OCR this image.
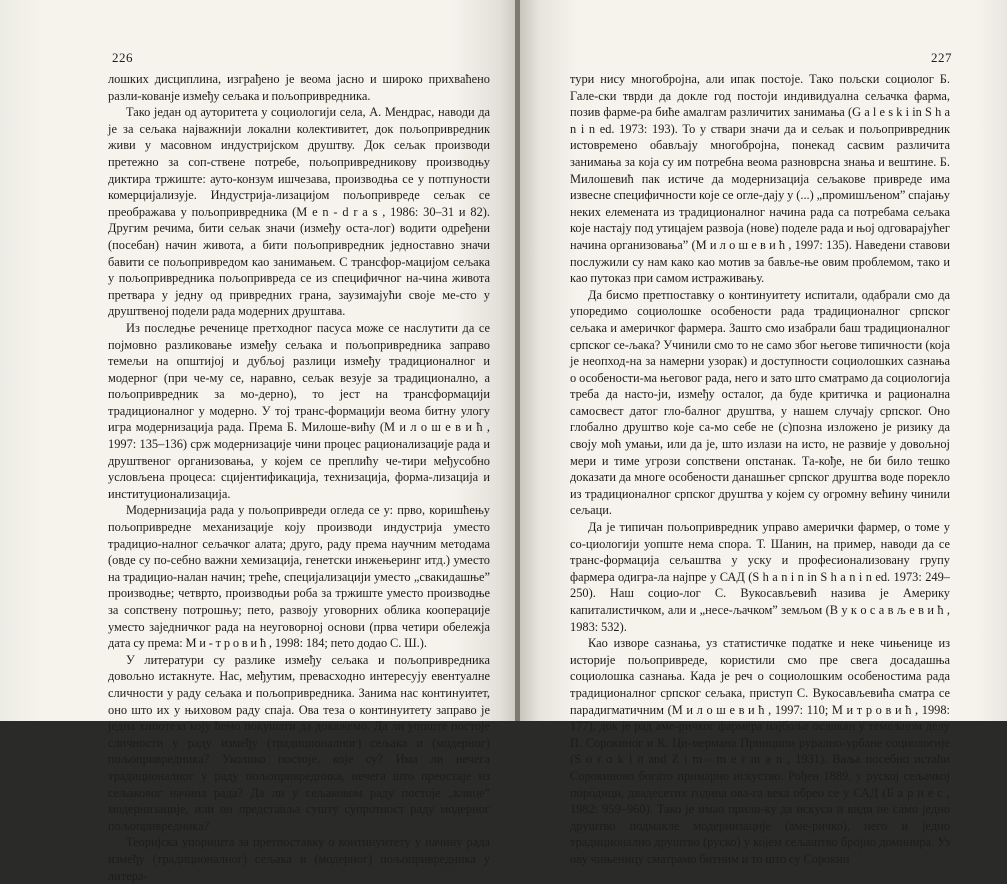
226

лошких дисциплина, изграђено је веома јасно и широко прихваћено разли-кованје између сељака и пољопривредника.

Тако један од ауторитета у социологији села, А. Мендрас, наводи да је за сељака најважнији локални колективитет, док пољопривредник живи у масовном индустријском друштву. Док сељак производи претежно за соп-ствене потребе, пољопривредникову производњу диктира тржиште: ауто-конзум ишчезава, производња се у потпуности комерцијализује. Индустрија-лизацијом пољопривреде сељак се преображава у пољопривредника (М е n - d r a s , 1986: 30–31 и 82). Другим речима, бити сељак значи (између оста-лог) водити одређени (посебан) начин живота, а бити пољопривредник једноставно значи бавити се пољопривредом као занимањем. С трансфор-мацијом сељака у пољопривредника пољопривреда се из специфичног на-чина живота претвара у једну од привредних грана, заузимајући своје ме-сто у друштвеној подели рада модерних друштава.

Из последње реченице претходног пасуса може се наслутити да се појмовно разликовање између сељака и пољопривредника заправо темељи на општијој и дубљој разлици између традиционалног и модерног (при че-му се, наравно, сељак везује за традиционално, а пољопривредник за мо-дерно), то јест на трансформацији традиционалног у модерно. У тој транс-формацији веома битну улогу игра модернизација рада. Према Б. Милоше-вићу (М и л о ш е в и ћ , 1997: 135–136) срж модернизације чини процес рационализације рада и друштвеног организовања, у којем се преплићу че-тири међусобно условљена процеса: сцијентификација, технизација, формa-лизација и институционализација.

Модернизација рада у пољопривреди огледа се у: прво, коришћењу пољопривредне механизације коју производи индустрија уместо традицио-налног сељачког алата; друго, раду према научним методама (овде су по-себно важни хемизација, генетски инжењеринг итд.) уместо на традицио-налан начин; треће, специјализацији уместо „свакидашње” производње; четврто, производњи роба за тржиште уместо производње за сопствену потрошњу; пето, развоју уговорних облика кооперације уместо заједничког рада на неуговорној основи (прва четири обележја дата су према: М и - т р о в и ћ , 1998: 184; пето додао С. Ш.).

У литератури су разлике између сељака и пољопривредника довољно истакнуте. Нас, међутим, превасходно интересују евентуалне сличности у раду сељака и пољопривредника. Занима нас континуитет, оно што их у њиховом раду спаја. Ова теза о континуитету заправо је једна хипотеза коју ћемо покушати да докажемо. Да ли уопште постоје сличности у раду између (традиционалног) сељака и (модерног) пољопривредника? Уколико постоје, које су? Има ли нечега традиционалног у раду пољопривредника, нечега што преостаје из сељаковог начина рада? Да ли у сељаковом раду постоје „клице” модернизације, или он представља сушту супротност раду модерног пољопривредника?

Теоријска упоришта за претпоставку о континуитету у начину рада између (традиционалног) сељака и (модерног) пољопривредника у литера-

227

тури нису многобројна, али ипак постоје. Тако пољски социолог Б. Гале-ски тврди да докле год постоји индивидуална сељачка фарма, позив фарме-ра биће амалгам различитих занимања (G a l e s k i in S h a n i n ed. 1973: 193). То у ствари значи да и сељак и пољопривредник истовремено обављају многобројна, понекад сасвим различита занимања за која су им потребна веома разноврсна знања и вештине. Б. Милошевић пак истиче да модернизација сељакове привреде има извесне специфичности које се огле-дају у (...) „промишљеном” спајању неких елемената из традиционалног начина рада са потребама сељака које настају под утицајем развоја (нове) поделе рада и њој одговарајућег начина организовања” (М и л о ш е в и ћ , 1997: 135). Наведени ставови послужили су нам како као мотив за бавље-ње овим проблемом, тако и као путоказ при самом истраживању.

Да бисмо претпоставку о континуитету испитали, одабрали смо да упоредимо социолошке особености рада традиционалног српског сељака и америчког фармера. Зашто смо изабрали баш традиционалног српског се-љака? Учинили смо то не само због његове типичности (која је неопход-на за намерни узорак) и доступности социолошких сазнања о особености-ма његовог рада, него и зато што сматрамо да социологија треба да насто-ји, између осталог, да буде критичка и рационална самосвест датог гло-балног друштва, у нашем случају српског. Оно глобално друштво које са-мо себе не (с)позна изложено је ризику да своју моћ умањи, или да је, што излази на исто, не развије у довољној мери и тиме угрози сопствени опстанак. Та-кође, не би било тешко доказати да многе особености данашњег српског друштва воде порекло из традиционалног српског друштва у којем су огромну већину чинили сељаци.

Да је типичан пољопривредник управо амерички фармер, о томе у со-циологији уопште нема спора. Т. Шанин, на пример, наводи да се транс-формација сељаштва у уску и професионализовану групу фармера одигра-ла најпре у САД (S h a n i n in S h a n i n ed. 1973: 249–250). Наш социо-лог С. Вукосављевић назива је Америку капиталистичком, али и „несе-љачком” земљом (В у к о с а в љ е в и ћ , 1983: 532).

Као изворе сазнања, уз статистичке податке и неке чињенице из историје пољопривреде, користили смо пре свега досадашња социолошка сазнања. Када је реч о социолошким особеностима рада традиционалног српског сељака, приступ С. Вукосављевића сматра се парадигматичним (М и л о ш е в и ћ , 1997: 110; М и т р о в и ћ , 1998: 177), док је рад аме-ричког фармера најбоље осликан у темељном делу П. Сорокиног и К. Ци-мермана Принципи рурално-урбане социологије (S o r o k i n and Z i m - m e r m a n , 1931). Ваља посебно истаћи Сорокиново богато примарно искуство. Рођен 1889. у руској сељачкој породици, двадесетих година ова-га века обрео се у САД (Б а р н е с , 1982: 959–960). Тако је имао прили-ку да искуси и види не само једно друштво подмакле модернизације (аме-ричко), него и једно традиционално друштво (руско) у којем сељаштво бројно доминира. Уз ову чињеницу сматрамо битним и то што су Сорокин
